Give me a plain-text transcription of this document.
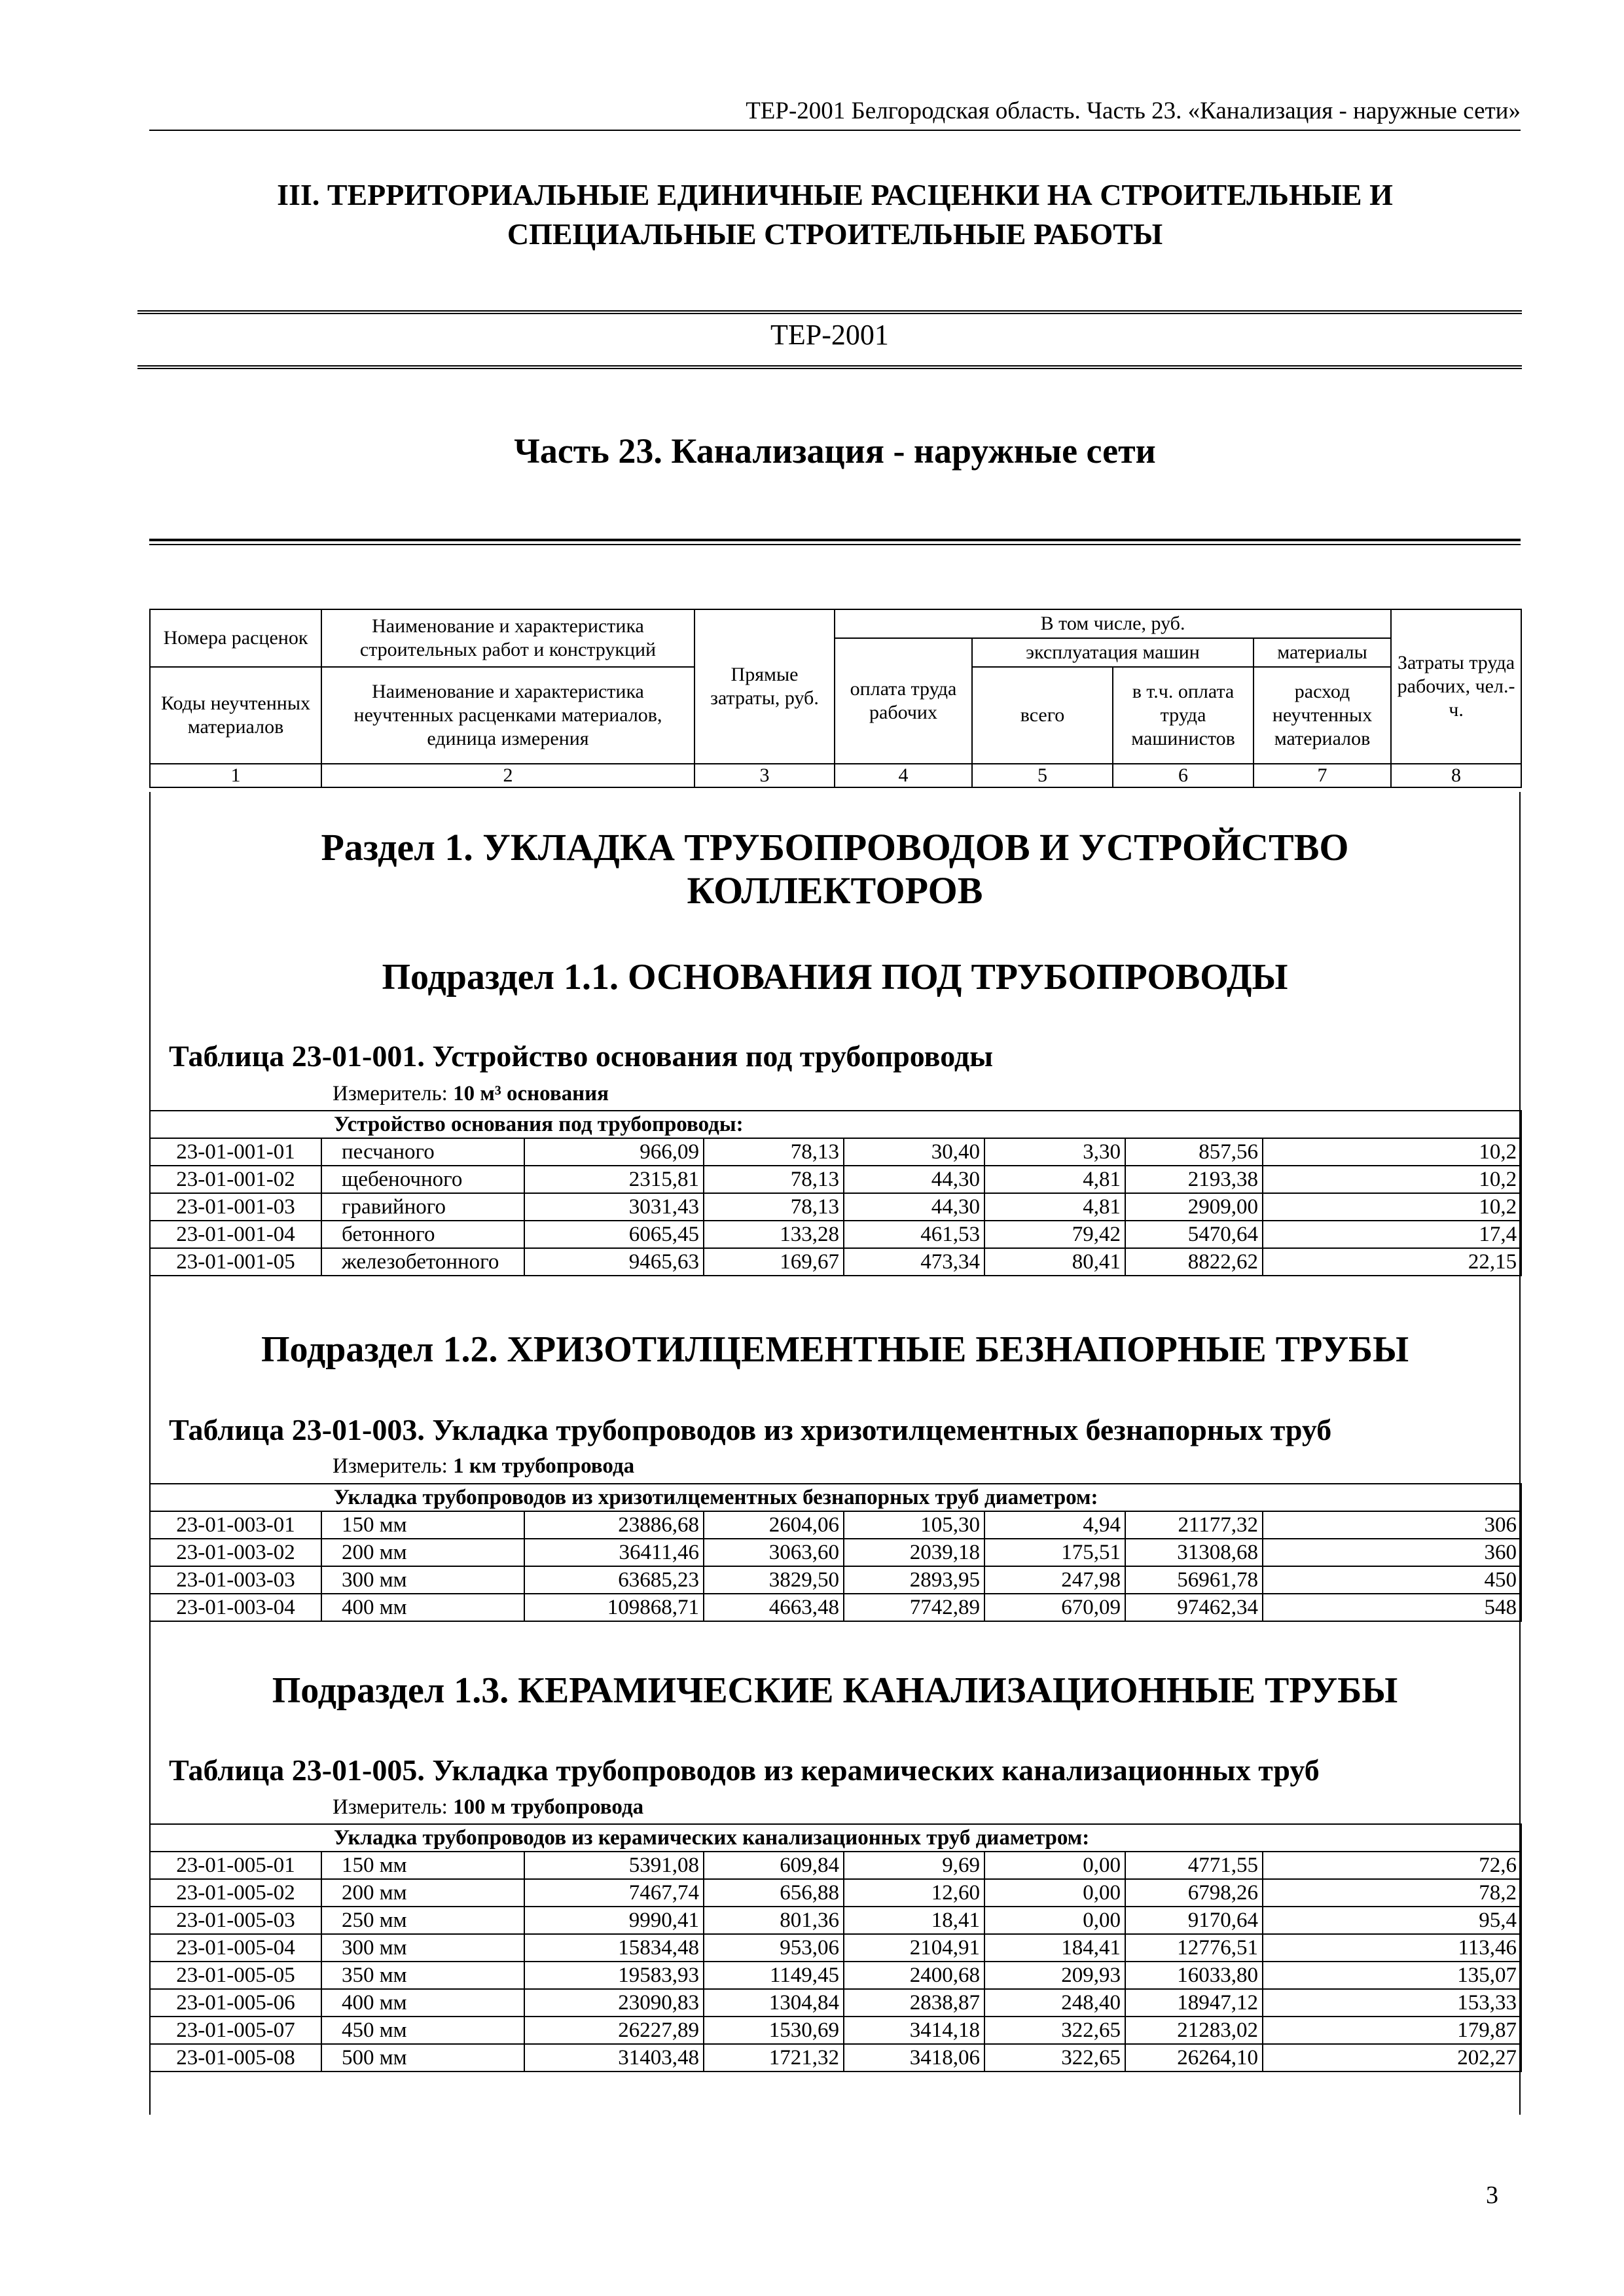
ТЕР-2001 Белгородская область. Часть 23. «Канализация - наружные сети»
III. ТЕРРИТОРИАЛЬНЫЕ ЕДИНИЧНЫЕ РАСЦЕНКИ НА СТРОИТЕЛЬНЫЕ И
СПЕЦИАЛЬНЫЕ СТРОИТЕЛЬНЫЕ РАБОТЫ
ТЕР-2001
Часть 23. Канализация - наружные сети
Номера расценок	Наименование и характеристика строительных работ и конструкций	Прямые затраты, руб.	В том числе, руб.				Затраты труда рабочих, чел.-ч.
			оплата труда рабочих	эксплуатация машин		материалы	
Коды неучтенных материалов	Наименование и характеристика неучтенных расценками материалов, единица измерения			всего	в т.ч. оплата труда машинистов	расход неучтенных материалов	
1	2	3	4	5	6	7	8
Раздел 1. УКЛАДКА ТРУБОПРОВОДОВ И УСТРОЙСТВО
КОЛЛЕКТОРОВ
Подраздел 1.1. ОСНОВАНИЯ ПОД ТРУБОПРОВОДЫ
Таблица 23-01-001. Устройство основания под трубопроводы
Измеритель: 10 м³ основания
Устройство основания под трубопроводы:							
23-01-001-01	песчаного	966,09	78,13	30,40	3,30	857,56	10,2
23-01-001-02	щебеночного	2315,81	78,13	44,30	4,81	2193,38	10,2
23-01-001-03	гравийного	3031,43	78,13	44,30	4,81	2909,00	10,2
23-01-001-04	бетонного	6065,45	133,28	461,53	79,42	5470,64	17,4
23-01-001-05	железобетонного	9465,63	169,67	473,34	80,41	8822,62	22,15
Подраздел 1.2. ХРИЗОТИЛЦЕМЕНТНЫЕ БЕЗНАПОРНЫЕ ТРУБЫ
Таблица 23-01-003. Укладка трубопроводов из хризотилцементных безнапорных труб
Измеритель: 1 км трубопровода
Укладка трубопроводов из хризотилцементных безнапорных труб диаметром:							
23-01-003-01	150 мм	23886,68	2604,06	105,30	4,94	21177,32	306
23-01-003-02	200 мм	36411,46	3063,60	2039,18	175,51	31308,68	360
23-01-003-03	300 мм	63685,23	3829,50	2893,95	247,98	56961,78	450
23-01-003-04	400 мм	109868,71	4663,48	7742,89	670,09	97462,34	548
Подраздел 1.3. КЕРАМИЧЕСКИЕ КАНАЛИЗАЦИОННЫЕ ТРУБЫ
Таблица 23-01-005. Укладка трубопроводов из керамических канализационных труб
Измеритель: 100 м трубопровода
Укладка трубопроводов из керамических канализационных труб диаметром:							
23-01-005-01	150 мм	5391,08	609,84	9,69	0,00	4771,55	72,6
23-01-005-02	200 мм	7467,74	656,88	12,60	0,00	6798,26	78,2
23-01-005-03	250 мм	9990,41	801,36	18,41	0,00	9170,64	95,4
23-01-005-04	300 мм	15834,48	953,06	2104,91	184,41	12776,51	113,46
23-01-005-05	350 мм	19583,93	1149,45	2400,68	209,93	16033,80	135,07
23-01-005-06	400 мм	23090,83	1304,84	2838,87	248,40	18947,12	153,33
23-01-005-07	450 мм	26227,89	1530,69	3414,18	322,65	21283,02	179,87
23-01-005-08	500 мм	31403,48	1721,32	3418,06	322,65	26264,10	202,27
3
